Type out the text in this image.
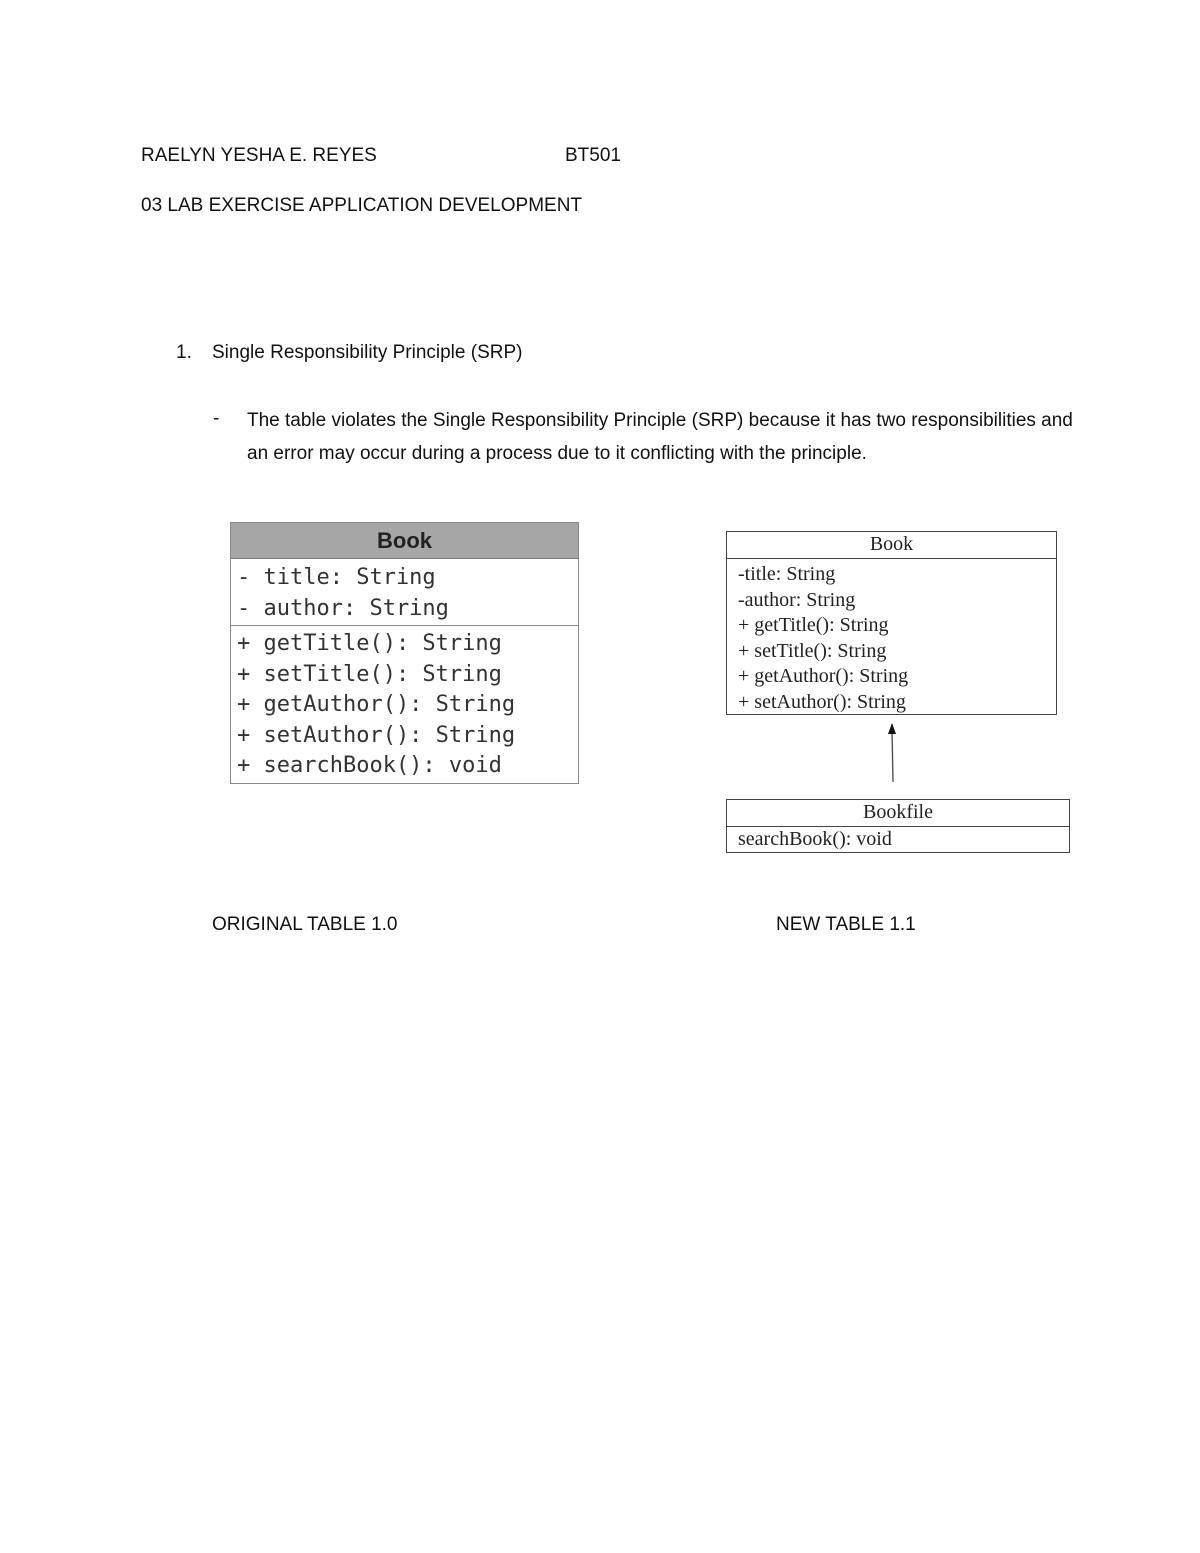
RAELYN YESHA E. REYES	BT501
03 LAB EXERCISE APPLICATION DEVELOPMENT
1. Single Responsibility Principle (SRP)
- The table violates the Single Responsibility Principle (SRP) because it has two responsibilities and an error may occur during a process due to it conflicting with the principle.
Book
- title: String
- author: String
+ getTitle(): String
+ setTitle(): String
+ getAuthor(): String
+ setAuthor(): String
+ searchBook(): void
Book
-title: String
-author: String
+ getTitle(): String
+ setTitle(): String
+ getAuthor(): String
+ setAuthor(): String
Bookfile
searchBook(): void
ORIGINAL TABLE 1.0	NEW TABLE 1.1
